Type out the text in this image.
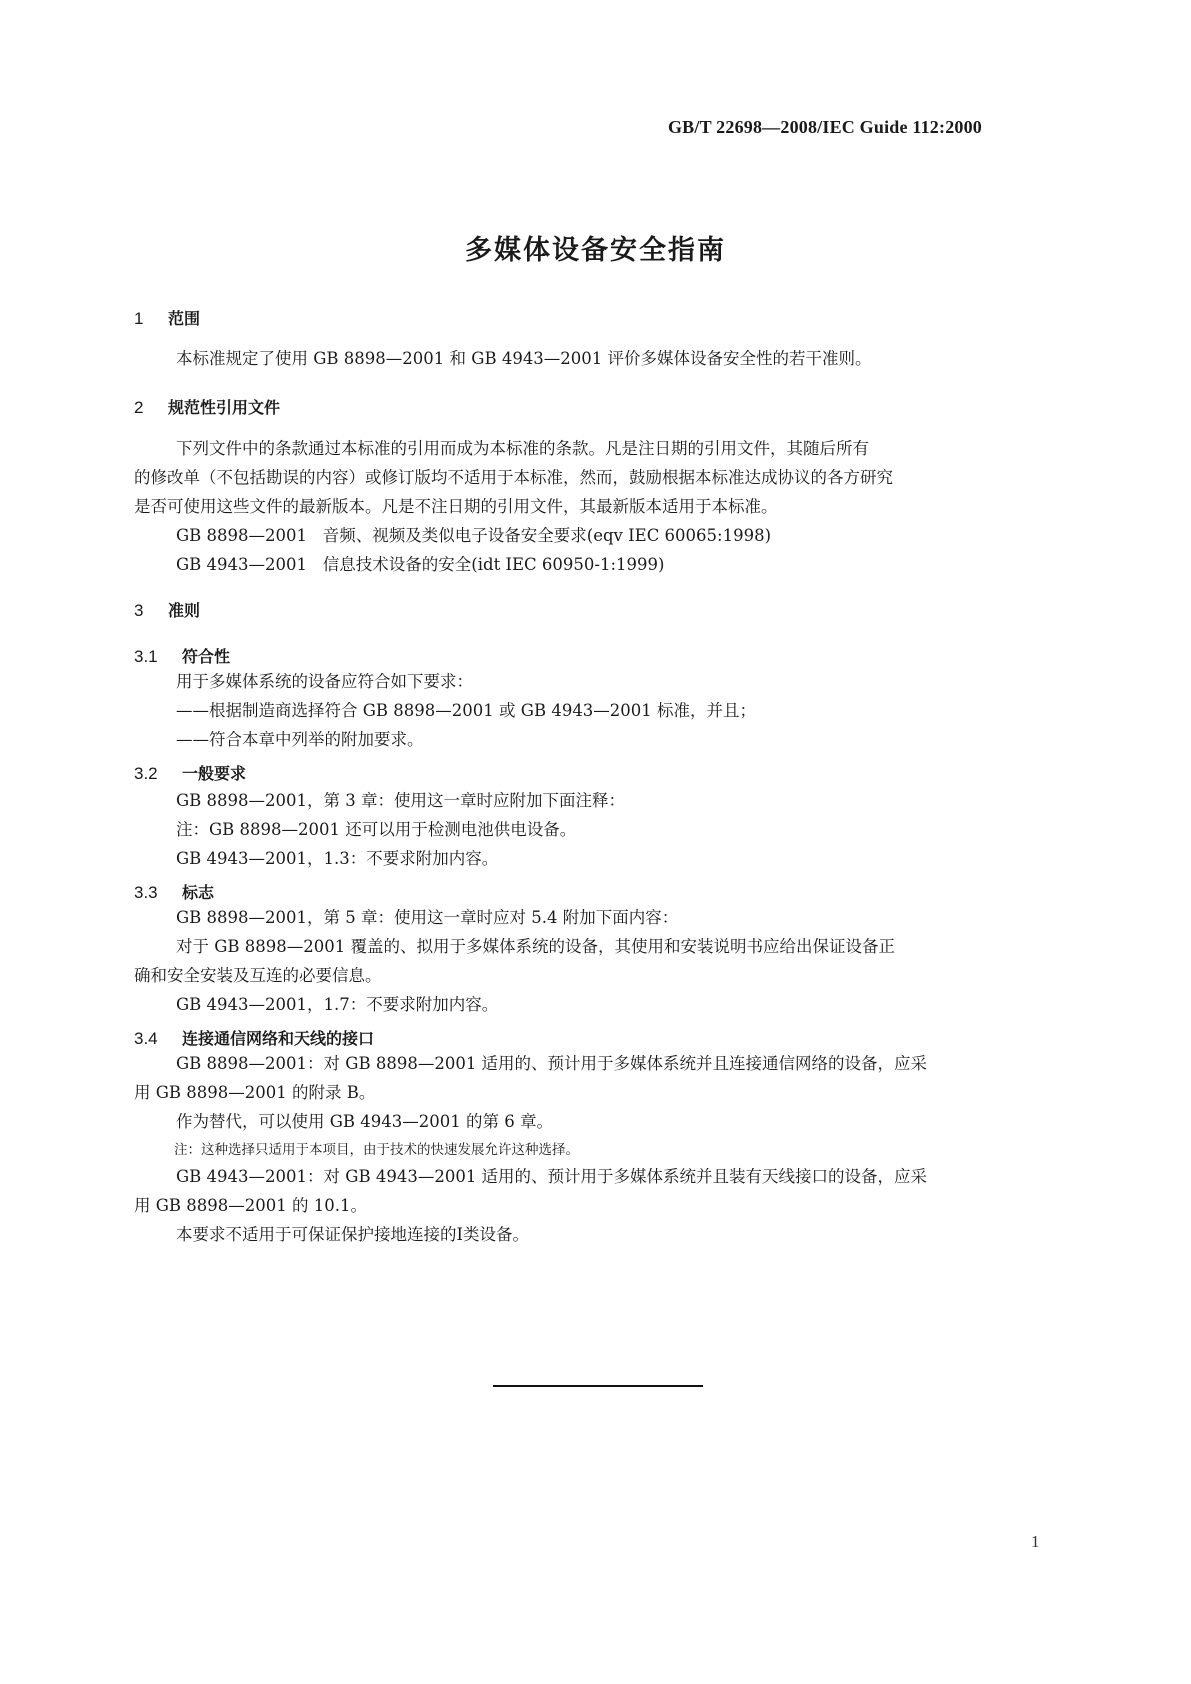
GB/T 22698—2008/IEC Guide 112:2000
多媒体设备安全指南
1 范围
本标准规定了使用 GB 8898—2001 和 GB 4943—2001 评价多媒体设备安全性的若干准则。
2 规范性引用文件
下列文件中的条款通过本标准的引用而成为本标准的条款。凡是注日期的引用文件，其随后所有
的修改单（不包括勘误的内容）或修订版均不适用于本标准，然而，鼓励根据本标准达成协议的各方研究
是否可使用这些文件的最新版本。凡是不注日期的引用文件，其最新版本适用于本标准。
GB 8898—2001 音频、视频及类似电子设备安全要求(eqv IEC 60065:1998)
GB 4943—2001 信息技术设备的安全(idt IEC 60950-1:1999)
3 准则
3.1 符合性
用于多媒体系统的设备应符合如下要求：
——根据制造商选择符合 GB 8898—2001 或 GB 4943—2001 标准，并且；
——符合本章中列举的附加要求。
3.2 一般要求
GB 8898—2001，第 3 章：使用这一章时应附加下面注释：
注：GB 8898—2001 还可以用于检测电池供电设备。
GB 4943—2001，1.3：不要求附加内容。
3.3 标志
GB 8898—2001，第 5 章：使用这一章时应对 5.4 附加下面内容：
对于 GB 8898—2001 覆盖的、拟用于多媒体系统的设备，其使用和安装说明书应给出保证设备正
确和安全安装及互连的必要信息。
GB 4943—2001，1.7：不要求附加内容。
3.4 连接通信网络和天线的接口
GB 8898—2001：对 GB 8898—2001 适用的、预计用于多媒体系统并且连接通信网络的设备，应采
用 GB 8898—2001 的附录 B。
作为替代，可以使用 GB 4943—2001 的第 6 章。
注：这种选择只适用于本项目，由于技术的快速发展允许这种选择。
GB 4943—2001：对 GB 4943—2001 适用的、预计用于多媒体系统并且装有天线接口的设备，应采
用 GB 8898—2001 的 10.1。
本要求不适用于可保证保护接地连接的Ⅰ类设备。
1
